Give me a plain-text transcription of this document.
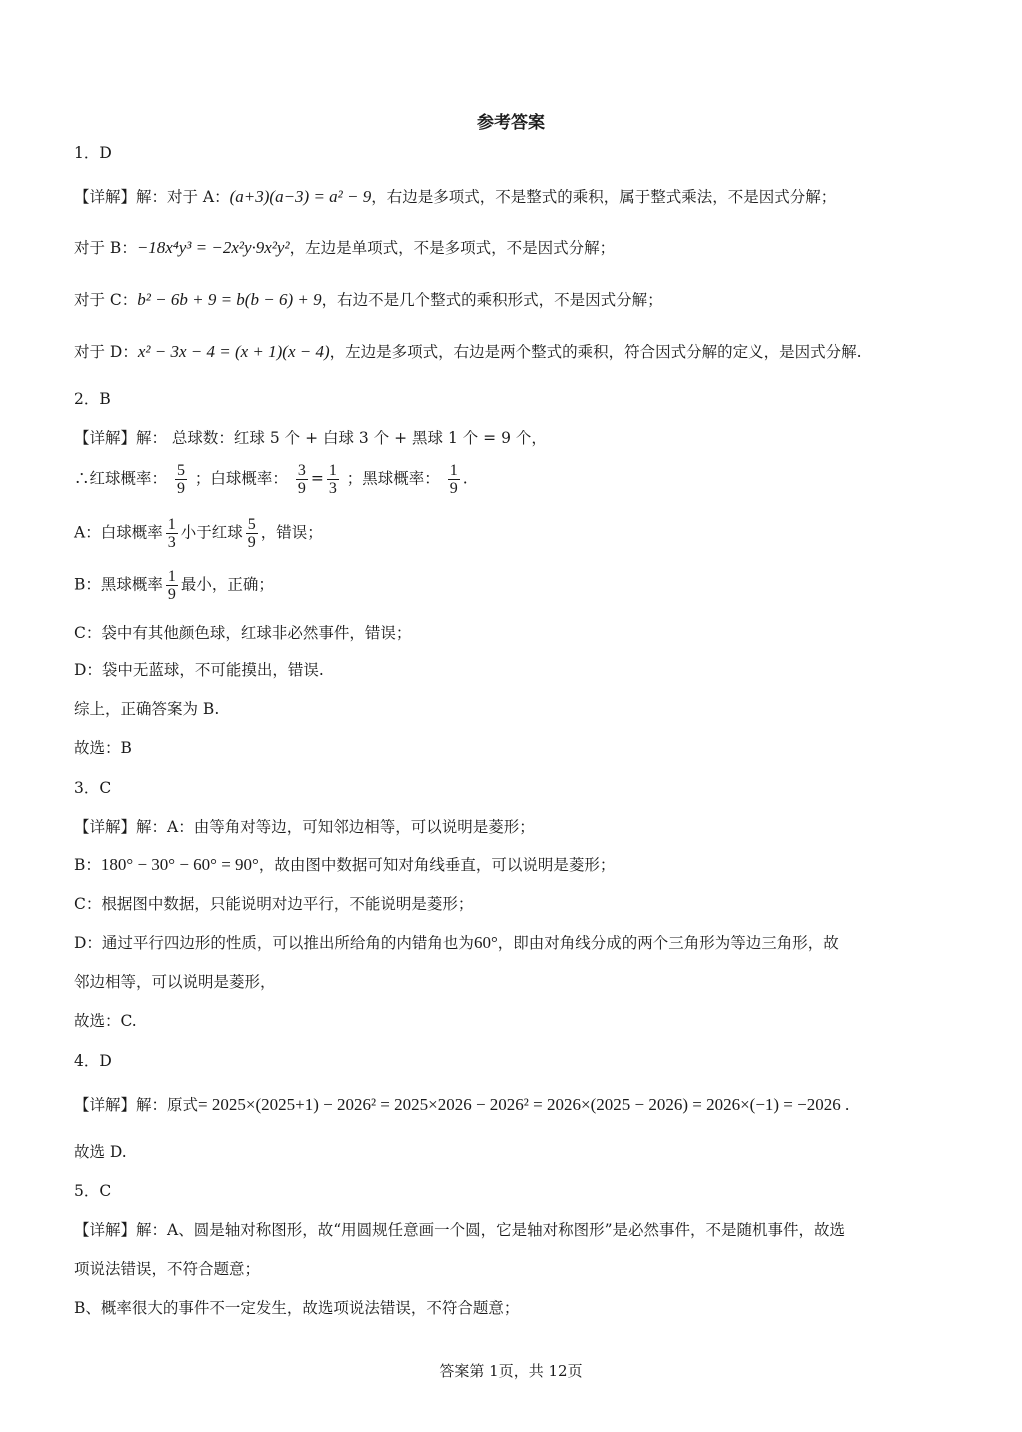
参考答案
1．D
【详解】解：对于 A：(a+3)(a−3) = a² − 9，右边是多项式，不是整式的乘积，属于整式乘法，不是因式分解；
对于 B：−18x⁴y³ = −2x²y·9x²y²，左边是单项式，不是多项式，不是因式分解；
对于 C：b² − 6b + 9 = b(b − 6) + 9，右边不是几个整式的乘积形式，不是因式分解；
对于 D：x² − 3x − 4 = (x + 1)(x − 4)，左边是多项式，右边是两个整式的乘积，符合因式分解的定义，是因式分解.
2．B
【详解】解： 总球数：红球 5 个 + 白球 3 个 + 黑球 1 个 = 9 个，
∴红球概率： $\frac{5}{9}$ ；白球概率： $\frac{3}{9} = \frac{1}{3}$ ；黑球概率： $\frac{1}{9}$ .
A：白球概率 $\frac{1}{3}$ 小于红球 $\frac{5}{9}$ ，错误；
B：黑球概率 $\frac{1}{9}$ 最小，正确；
C：袋中有其他颜色球，红球非必然事件，错误；
D：袋中无蓝球，不可能摸出，错误.
综上，正确答案为 B.
故选：B
3．C
【详解】解：A：由等角对等边，可知邻边相等，可以说明是菱形；
B：180° − 30° − 60° = 90°，故由图中数据可知对角线垂直，可以说明是菱形；
C：根据图中数据，只能说明对边平行，不能说明是菱形；
D：通过平行四边形的性质，可以推出所给角的内错角也为60°，即由对角线分成的两个三角形为等边三角形，故
邻边相等，可以说明是菱形，
故选：C.
4．D
【详解】解：原式= 2025×(2025+1) − 2026² = 2025×2026 − 2026² = 2026×(2025 − 2026) = 2026×(−1) = −2026 .
故选 D.
5．C
【详解】解：A、圆是轴对称图形，故“用圆规任意画一个圆，它是轴对称图形”是必然事件，不是随机事件，故选
项说法错误，不符合题意；
B、概率很大的事件不一定发生，故选项说法错误，不符合题意；
答案第 1页，共 12页
